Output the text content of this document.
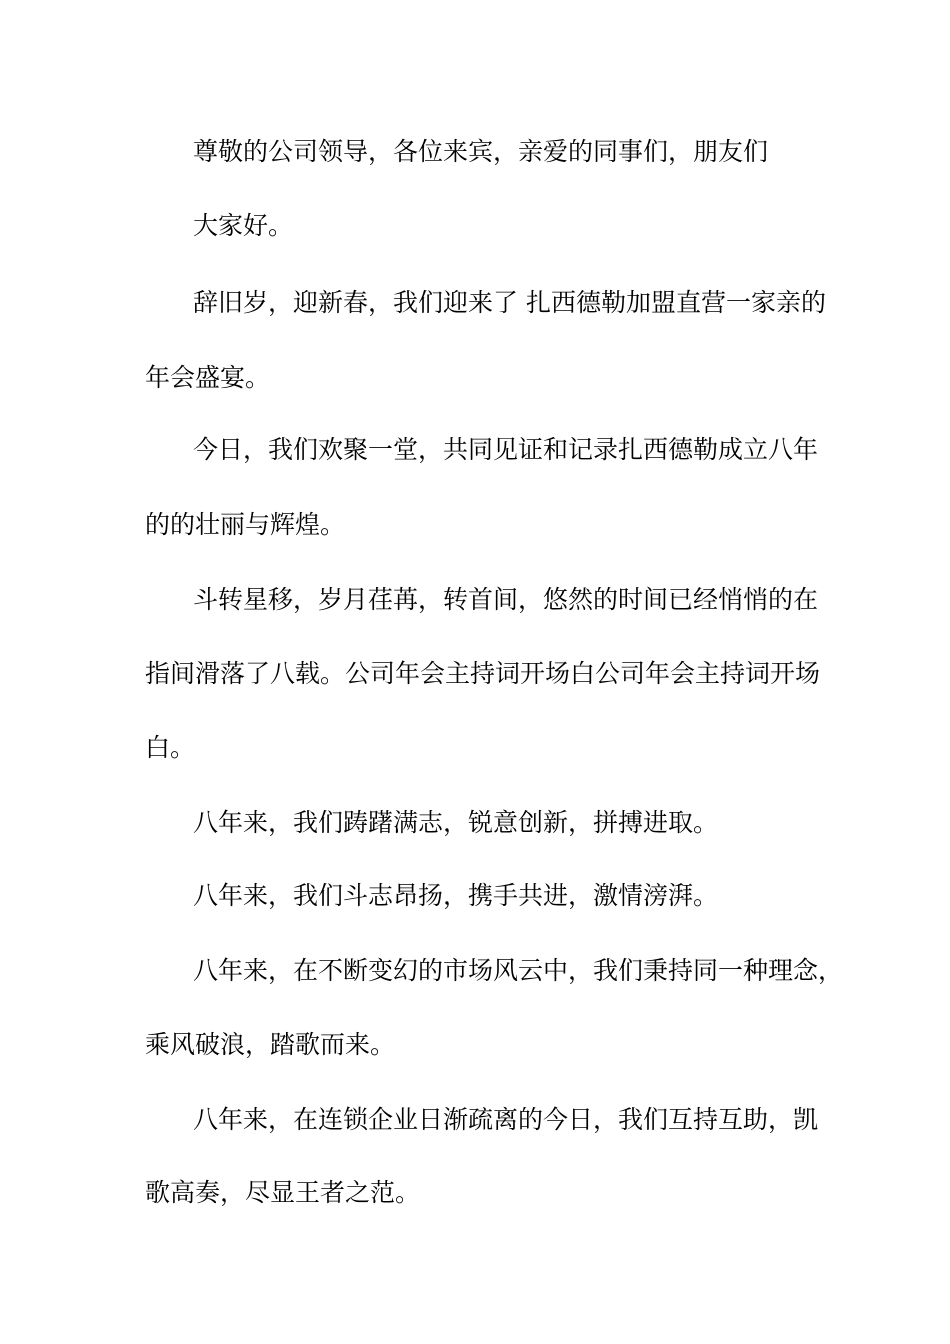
尊敬的公司领导，各位来宾，亲爱的同事们，朋友们
大家好。
辞旧岁，迎新春，我们迎来了 扎西德勒加盟直营一家亲的
年会盛宴。
今日，我们欢聚一堂，共同见证和记录扎西德勒成立八年
的的壮丽与辉煌。
斗转星移，岁月荏苒，转首间，悠然的时间已经悄悄的在
指间滑落了八载。公司年会主持词开场白公司年会主持词开场
白。
八年来，我们踌躇满志，锐意创新，拼搏进取。
八年来，我们斗志昂扬，携手共进，激情滂湃。
八年来，在不断变幻的市场风云中，我们秉持同一种理念，
乘风破浪，踏歌而来。
八年来，在连锁企业日渐疏离的今日，我们互持互助，凯
歌高奏，尽显王者之范。
